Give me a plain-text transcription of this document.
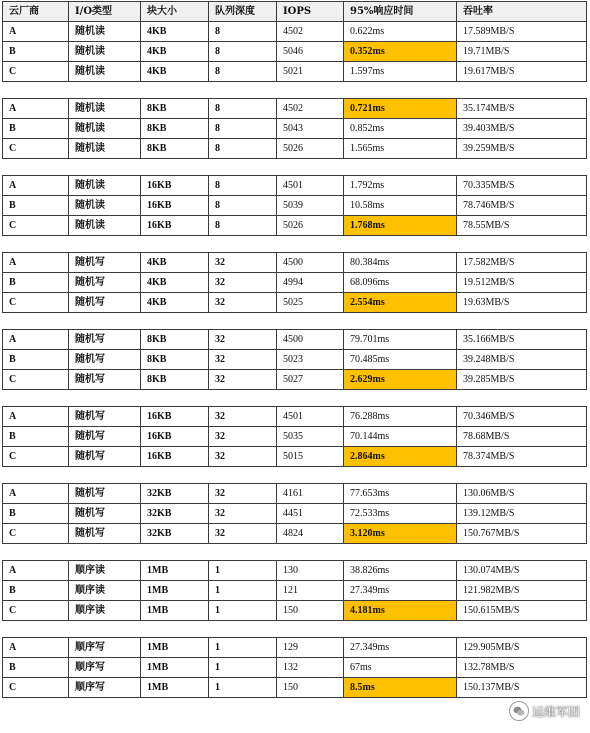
云厂商	I/O类型	块大小	队列深度	IOPS	95%响应时间	吞吐率
A	随机读	4KB	8	4502	0.622ms	17.589MB/S
B	随机读	4KB	8	5046	0.352ms	19.71MB/S
C	随机读	4KB	8	5021	1.597ms	19.617MB/S

A	随机读	8KB	8	4502	0.721ms	35.174MB/S
B	随机读	8KB	8	5043	0.852ms	39.403MB/S
C	随机读	8KB	8	5026	1.565ms	39.259MB/S

A	随机读	16KB	8	4501	1.792ms	70.335MB/S
B	随机读	16KB	8	5039	10.58ms	78.746MB/S
C	随机读	16KB	8	5026	1.768ms	78.55MB/S

A	随机写	4KB	32	4500	80.384ms	17.582MB/S
B	随机写	4KB	32	4994	68.096ms	19.512MB/S
C	随机写	4KB	32	5025	2.554ms	19.63MB/S

A	随机写	8KB	32	4500	79.701ms	35.166MB/S
B	随机写	8KB	32	5023	70.485ms	39.248MB/S
C	随机写	8KB	32	5027	2.629ms	39.285MB/S

A	随机写	16KB	32	4501	76.288ms	70.346MB/S
B	随机写	16KB	32	5035	70.144ms	78.68MB/S
C	随机写	16KB	32	5015	2.864ms	78.374MB/S

A	随机写	32KB	32	4161	77.653ms	130.06MB/S
B	随机写	32KB	32	4451	72.533ms	139.12MB/S
C	随机写	32KB	32	4824	3.120ms	150.767MB/S

A	顺序读	1MB	1	130	38.826ms	130.074MB/S
B	顺序读	1MB	1	121	27.349ms	121.982MB/S
C	顺序读	1MB	1	150	4.181ms	150.615MB/S

A	顺序写	1MB	1	129	27.349ms	129.905MB/S
B	顺序写	1MB	1	132	67ms	132.78MB/S
C	顺序写	1MB	1	150	8.5ms	150.137MB/S
运维军团
